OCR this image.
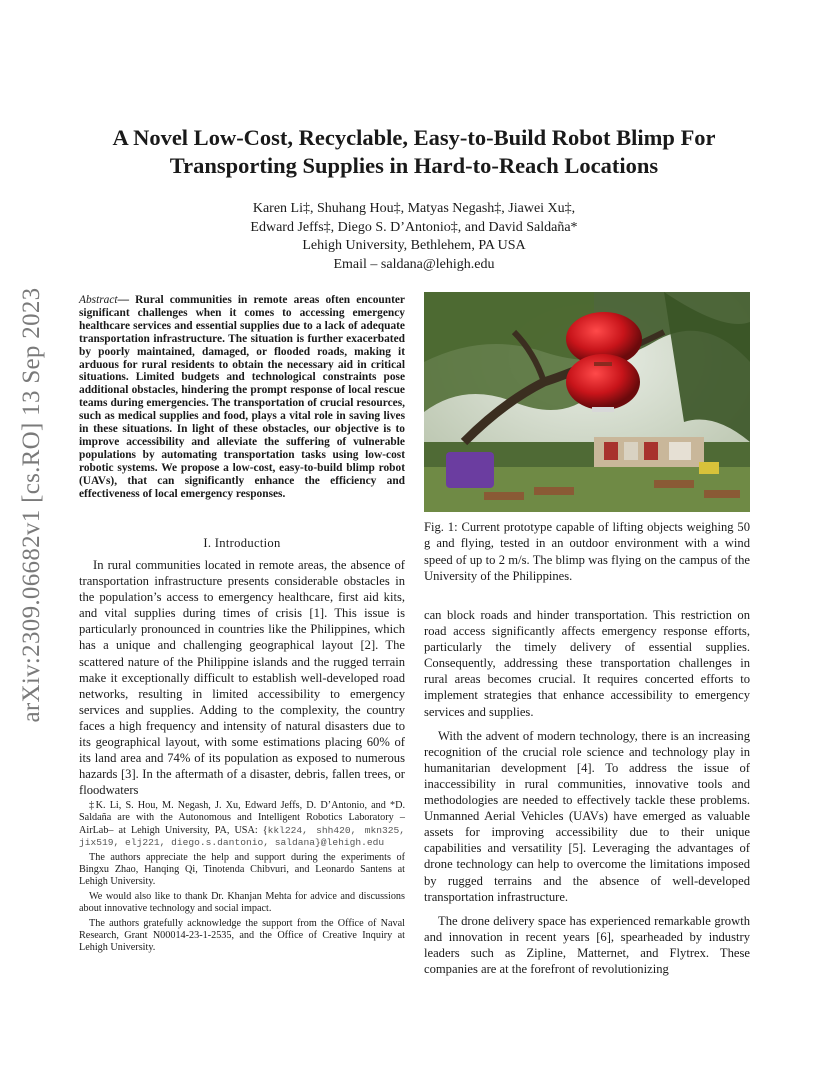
arXiv:2309.06682v1 [cs.RO] 13 Sep 2023
A Novel Low-Cost, Recyclable, Easy-to-Build Robot Blimp For
Transporting Supplies in Hard-to-Reach Locations
Karen Li‡, Shuhang Hou‡, Matyas Negash‡, Jiawei Xu‡,
Edward Jeffs‡, Diego S. D’Antonio‡, and David Saldaña*
Lehigh University, Bethlehem, PA USA
Email – saldana@lehigh.edu
Abstract— Rural communities in remote areas often encounter significant challenges when it comes to accessing emergency healthcare services and essential supplies due to a lack of adequate transportation infrastructure. The situation is further exacerbated by poorly maintained, damaged, or flooded roads, making it arduous for rural residents to obtain the necessary aid in critical situations. Limited budgets and technological constraints pose additional obstacles, hindering the prompt response of local rescue teams during emergencies. The transportation of crucial resources, such as medical supplies and food, plays a vital role in saving lives in these situations. In light of these obstacles, our objective is to improve accessibility and alleviate the suffering of vulnerable populations by automating transportation tasks using low-cost robotic systems. We propose a low-cost, easy-to-build blimp robot (UAVs), that can significantly enhance the efficiency and effectiveness of local emergency responses.
I. Introduction
In rural communities located in remote areas, the absence of transportation infrastructure presents considerable obstacles in the population’s access to emergency healthcare, first aid kits, and vital supplies during times of crisis [1]. This issue is particularly pronounced in countries like the Philippines, which has a unique and challenging geographical layout [2]. The scattered nature of the Philippine islands and the rugged terrain make it exceptionally difficult to establish well-developed road networks, resulting in limited accessibility to emergency services and supplies. Adding to the complexity, the country faces a high frequency and intensity of natural disasters due to its geographical layout, with some estimations placing 60% of its land area and 74% of its population as exposed to numerous hazards [3]. In the aftermath of a disaster, debris, fallen trees, or floodwaters

‡K. Li, S. Hou, M. Negash, J. Xu, Edward Jeffs, D. D’Antonio, and *D. Saldaña are with the Autonomous and Intelligent Robotics Laboratory –AirLab– at Lehigh University, PA, USA: {kkl224, shh420, mkn325, jix519, elj221, diego.s.dantonio, saldana}@lehigh.edu

The authors appreciate the help and support during the experiments of Bingxu Zhao, Hanqing Qi, Tinotenda Chibvuri, and Leonardo Santens at Lehigh University.

We would also like to thank Dr. Khanjan Mehta for advice and discussions about innovative technology and social impact.

The authors gratefully acknowledge the support from the Office of Naval Research, Grant N00014-23-1-2535, and the Office of Creative Inquiry at Lehigh University.

Fig. 1: Current prototype capable of lifting objects weighing 50 g and flying, tested in an outdoor environment with a wind speed of up to 2 m/s. The blimp was flying on the campus of the University of the Philippines.

can block roads and hinder transportation. This restriction on road access significantly affects emergency response efforts, particularly the timely delivery of essential supplies. Consequently, addressing these transportation challenges in rural areas becomes crucial. It requires concerted efforts to implement strategies that enhance accessibility to emergency services and supplies.

With the advent of modern technology, there is an increasing recognition of the crucial role science and technology play in humanitarian development [4]. To address the issue of inaccessibility in rural communities, innovative tools and methodologies are needed to effectively tackle these problems. Unmanned Aerial Vehicles (UAVs) have emerged as valuable assets for improving accessibility due to their unique capabilities and versatility [5]. Leveraging the advantages of drone technology can help to overcome the limitations imposed by rugged terrains and the absence of well-developed transportation infrastructure.

The drone delivery space has experienced remarkable growth and innovation in recent years [6], spearheaded by industry leaders such as Zipline, Matternet, and Flytrex. These companies are at the forefront of revolutionizing
